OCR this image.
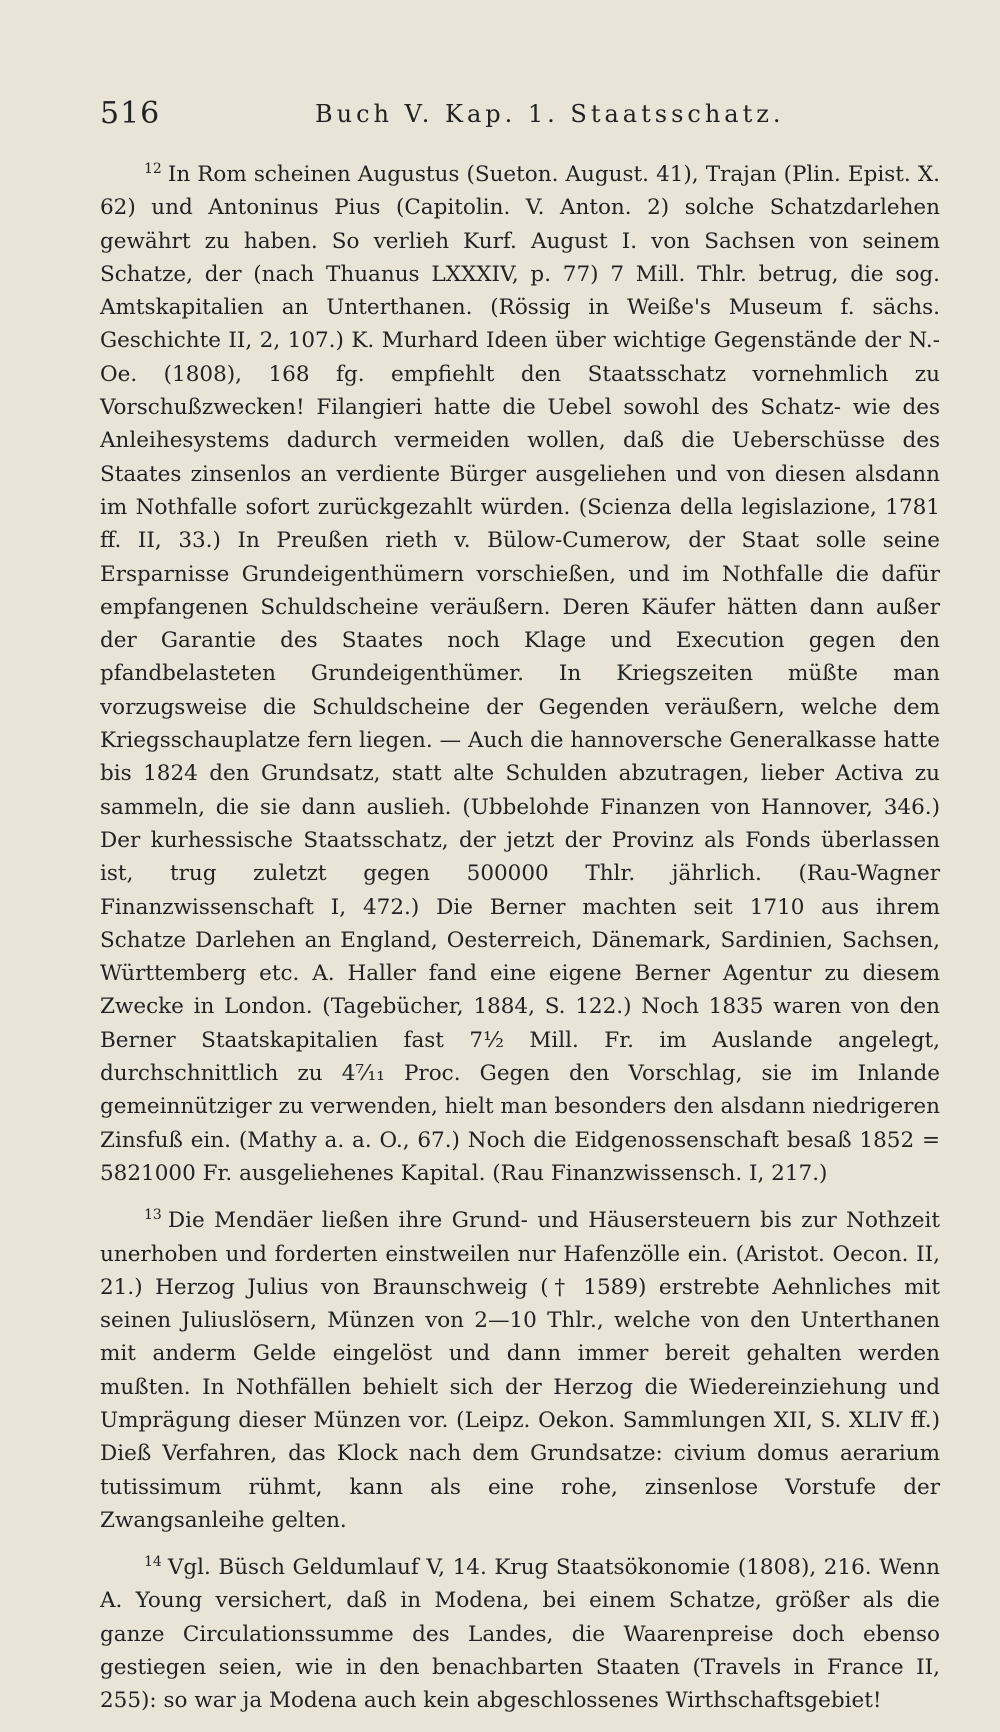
516	Buch V. Kap. 1. Staatsschatz.

$^{12}$ In Rom scheinen Augustus (Sueton. August. 41), Trajan (Plin. Epist. X. 62) und Antoninus Pius (Capitolin. V. Anton. 2) solche Schatzdarlehen gewährt zu haben. So verlieh Kurf. August I. von Sachsen von seinem Schatze, der (nach Thuanus LXXXIV, p. 77) 7 Mill. Thlr. betrug, die sog. Amtskapitalien an Unterthanen. (Rössig in Weiße's Museum f. sächs. Geschichte II, 2, 107.) K. Murhard Ideen über wichtige Gegenstände der N.-Oe. (1808), 168 fg. empfiehlt den Staatsschatz vornehmlich zu Vorschußzwecken! Filangieri hatte die Uebel sowohl des Schatz- wie des Anleihesystems dadurch vermeiden wollen, daß die Ueberschüsse des Staates zinsenlos an verdiente Bürger ausgeliehen und von diesen alsdann im Nothfalle sofort zurückgezahlt würden. (Scienza della legislazione, 1781 ff. II, 33.) In Preußen rieth v. Bülow-Cumerow, der Staat solle seine Ersparnisse Grundeigenthümern vorschießen, und im Nothfalle die dafür empfangenen Schuldscheine veräußern. Deren Käufer hätten dann außer der Garantie des Staates noch Klage und Execution gegen den pfandbelasteten Grundeigenthümer. In Kriegszeiten müßte man vorzugsweise die Schuldscheine der Gegenden veräußern, welche dem Kriegsschauplatze fern liegen. — Auch die hannoversche Generalkasse hatte bis 1824 den Grundsatz, statt alte Schulden abzutragen, lieber Activa zu sammeln, die sie dann auslieh. (Ubbelohde Finanzen von Hannover, 346.) Der kurhessische Staatsschatz, der jetzt der Provinz als Fonds überlassen ist, trug zuletzt gegen 500000 Thlr. jährlich. (Rau-Wagner Finanzwissenschaft I, 472.) Die Berner machten seit 1710 aus ihrem Schatze Darlehen an England, Oesterreich, Dänemark, Sardinien, Sachsen, Württemberg etc. A. Haller fand eine eigene Berner Agentur zu diesem Zwecke in London. (Tagebücher, 1884, S. 122.) Noch 1835 waren von den Berner Staatskapitalien fast 7½ Mill. Fr. im Auslande angelegt, durchschnittlich zu 4⁷⁄₁₁ Proc. Gegen den Vorschlag, sie im Inlande gemeinnütziger zu verwenden, hielt man besonders den alsdann niedrigeren Zinsfuß ein. (Mathy a. a. O., 67.) Noch die Eidgenossenschaft besaß 1852 = 5821000 Fr. ausgeliehenes Kapital. (Rau Finanzwissensch. I, 217.)

$^{13}$ Die Mendäer ließen ihre Grund- und Häusersteuern bis zur Nothzeit unerhoben und forderten einstweilen nur Hafenzölle ein. (Aristot. Oecon. II, 21.) Herzog Julius von Braunschweig († 1589) erstrebte Aehnliches mit seinen Juliuslösern, Münzen von 2—10 Thlr., welche von den Unterthanen mit anderm Gelde eingelöst und dann immer bereit gehalten werden mußten. In Nothfällen behielt sich der Herzog die Wiedereinziehung und Umprägung dieser Münzen vor. (Leipz. Oekon. Sammlungen XII, S. XLIV ff.) Dieß Verfahren, das Klock nach dem Grundsatze: civium domus aerarium tutissimum rühmt, kann als eine rohe, zinsenlose Vorstufe der Zwangsanleihe gelten.

$^{14}$ Vgl. Büsch Geldumlauf V, 14. Krug Staatsökonomie (1808), 216. Wenn A. Young versichert, daß in Modena, bei einem Schatze, größer als die ganze Circulationssumme des Landes, die Waarenpreise doch ebenso gestiegen seien, wie in den benachbarten Staaten (Travels in France II, 255): so war ja Modena auch kein abgeschlossenes Wirthschaftsgebiet!
